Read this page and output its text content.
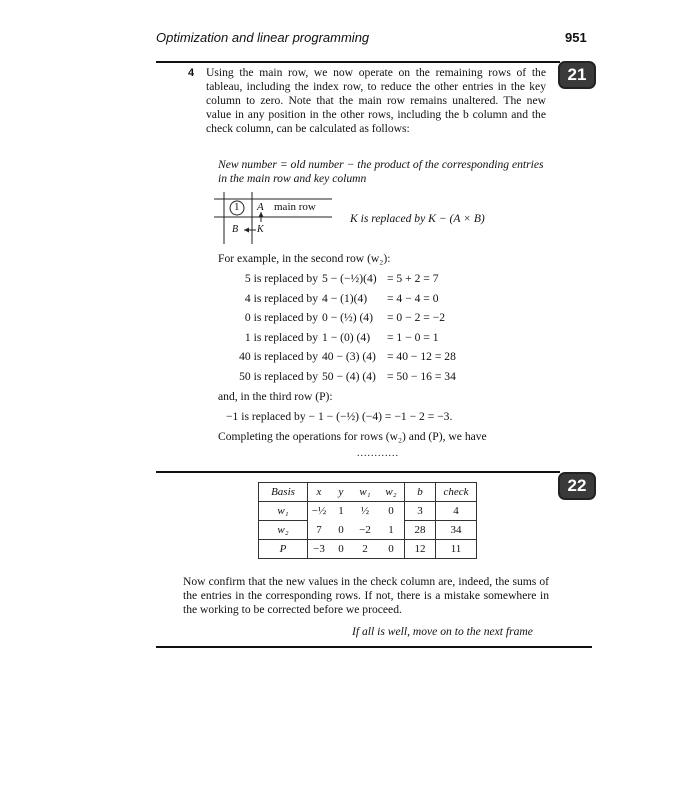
Optimization and linear programming	951
21
4 Using the main row, we now operate on the remaining rows of the tableau, including the index row, to reduce the other entries in the key column to zero. Note that the main row remains unaltered. The new value in any position in the other rows, including the b column and the check column, can be calculated as follows:
New number = old number − the product of the corresponding entries in the main row and key column
1 A main row
B K
K is replaced by K − (A × B)
For example, in the second row (w₂):
5 is replaced by 5 − (−½)(4) = 5 + 2 = 7
4 is replaced by 4 − (1)(4) = 4 − 4 = 0
0 is replaced by 0 − (½) (4) = 0 − 2 = −2
1 is replaced by 1 − (0) (4) = 1 − 0 = 1
40 is replaced by 40 − (3) (4) = 40 − 12 = 28
50 is replaced by 50 − (4) (4) = 50 − 16 = 34
and, in the third row (P):
−1 is replaced by − 1 − (−½) (−4) = −1 − 2 = −3.
Completing the operations for rows (w₂) and (P), we have
............
22
Basis	x	y	w₁	w₂	b	check
w₁	−½	1	½	0	3	4
w₂	7	0	−2	1	28	34
P	−3	0	2	0	12	11
Now confirm that the new values in the check column are, indeed, the sums of the entries in the corresponding rows. If not, there is a mistake somewhere in the working to be corrected before we proceed.
If all is well, move on to the next frame
